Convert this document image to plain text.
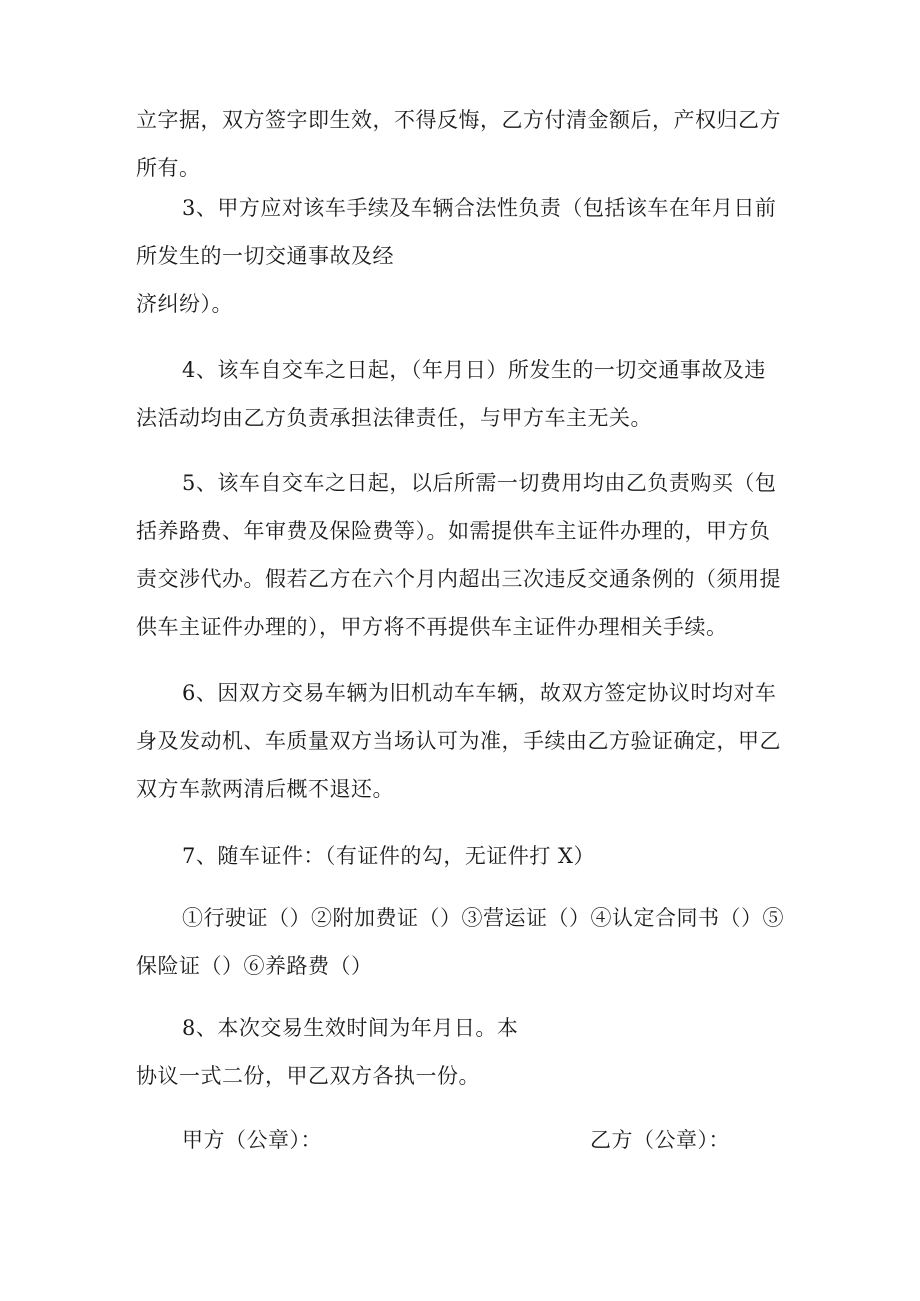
立字据，双方签字即生效，不得反悔，乙方付清金额后，产权归乙方
所有。

3、甲方应对该车手续及车辆合法性负责（包括该车在年月日前
所发生的一切交通事故及经
济纠纷）。

4、该车自交车之日起，（年月日）所发生的一切交通事故及违
法活动均由乙方负责承担法律责任，与甲方车主无关。

5、该车自交车之日起，以后所需一切费用均由乙负责购买（包
括养路费、年审费及保险费等）。如需提供车主证件办理的，甲方负
责交涉代办。假若乙方在六个月内超出三次违反交通条例的（须用提
供车主证件办理的），甲方将不再提供车主证件办理相关手续。

6、因双方交易车辆为旧机动车车辆，故双方签定协议时均对车
身及发动机、车质量双方当场认可为准，手续由乙方验证确定，甲乙
双方车款两清后概不退还。

7、随车证件：（有证件的勾，无证件打 X）

①行驶证（）②附加费证（）③营运证（）④认定合同书（）⑤
保险证（）⑥养路费（）

8、本次交易生效时间为年月日。本
协议一式二份，甲乙双方各执一份。

甲方（公章）：	乙方（公章）：
